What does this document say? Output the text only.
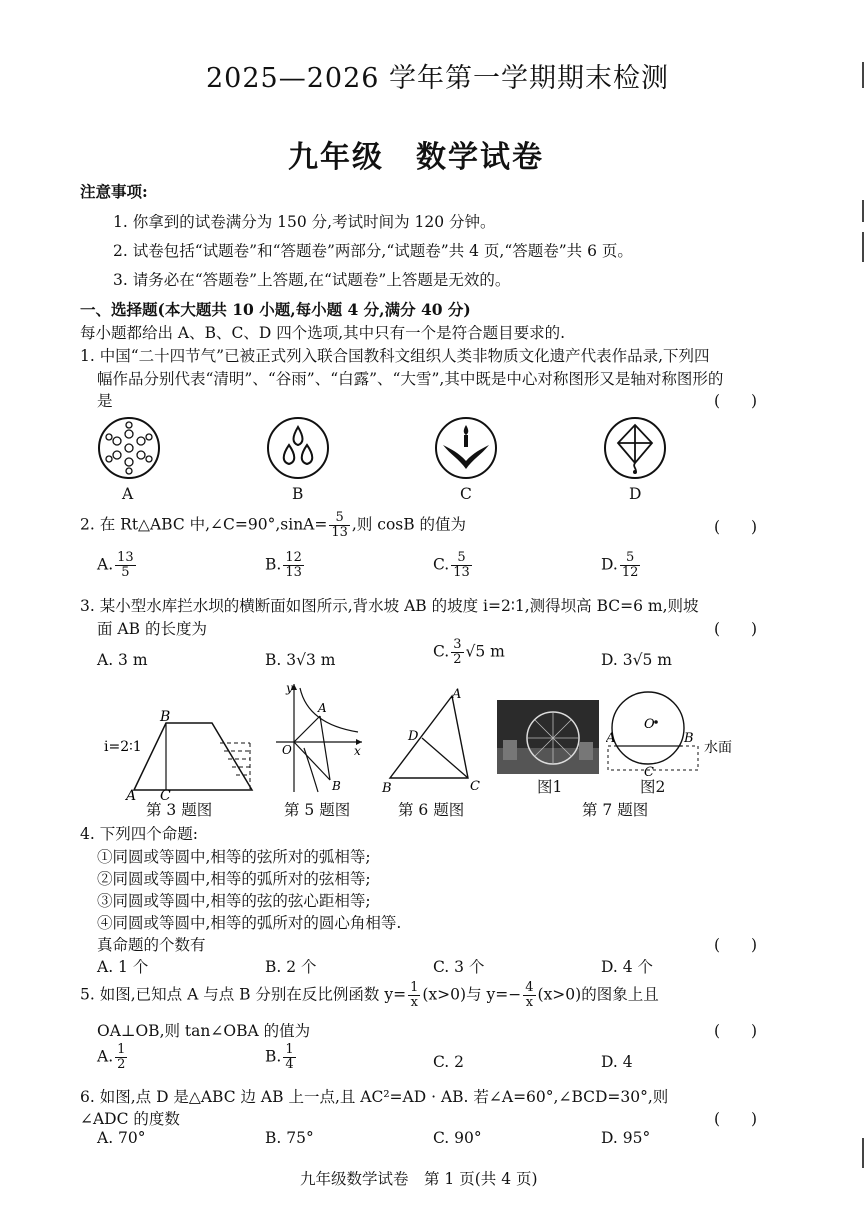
2025—2026 学年第一学期期末检测
九年级　数学试卷
注意事项:
1. 你拿到的试卷满分为 150 分,考试时间为 120 分钟。
2. 试卷包括“试题卷”和“答题卷”两部分,“试题卷”共 4 页,“答题卷”共 6 页。
3. 请务必在“答题卷”上答题,在“试题卷”上答题是无效的。
一、选择题(本大题共 10 小题,每小题 4 分,满分 40 分)
每小题都给出 A、B、C、D 四个选项,其中只有一个是符合题目要求的.
1. 中国“二十四节气”已被正式列入联合国教科文组织人类非物质文化遗产代表作品录,下列四
幅作品分别代表“清明”、“谷雨”、“白露”、“大雪”,其中既是中心对称图形又是轴对称图形的
是	(　　)
A	B	C	D
2. 在 Rt△ABC 中,∠C=90°,sinA= $\frac{5}{13}$ ,则 cosB 的值为	(　　)
A. $\frac{13}{5}$	B. $\frac{12}{13}$	C. $\frac{5}{13}$	D. $\frac{5}{12}$
3. 某小型水库拦水坝的横断面如图所示,背水坡 AB 的坡度 i=2∶1,测得坝高 BC=6 m,则坡
面 AB 的长度为	(　　)
A. 3 m	B. 3√3 m	C. $\frac{3}{2} √5$ m	D. 3√5 m
B
A C
i=2∶1
第 3 题图
y
x
O
A
B
第 5 题图
A
B	C
D
第 6 题图
图1
O
A	B
C
水面
图2
第 7 题图
4. 下列四个命题:
①同圆或等圆中,相等的弦所对的弧相等;
②同圆或等圆中,相等的弧所对的弦相等;
③同圆或等圆中,相等的弦的弦心距相等;
④同圆或等圆中,相等的弧所对的圆心角相等.
真命题的个数有	(　　)
A. 1 个	B. 2 个	C. 3 个	D. 4 个
5. 如图,已知点 A 与点 B 分别在反比例函数 $y= \frac{1}{x} (x>0)$与 $y=- \frac{4}{x} (x>0)$的图象上且
OA⊥OB,则 tan∠OBA 的值为	(　　)
A. $\frac{1}{2}$	B. $\frac{1}{4}$	C. 2	D. 4
6. 如图,点 D 是△ABC 边 AB 上一点,且 AC²=AD · AB. 若∠A=60°,∠BCD=30°,则
∠ADC 的度数	(　　)
A. 70°	B. 75°	C. 90°	D. 95°
九年级数学试卷　第 1 页(共 4 页)
